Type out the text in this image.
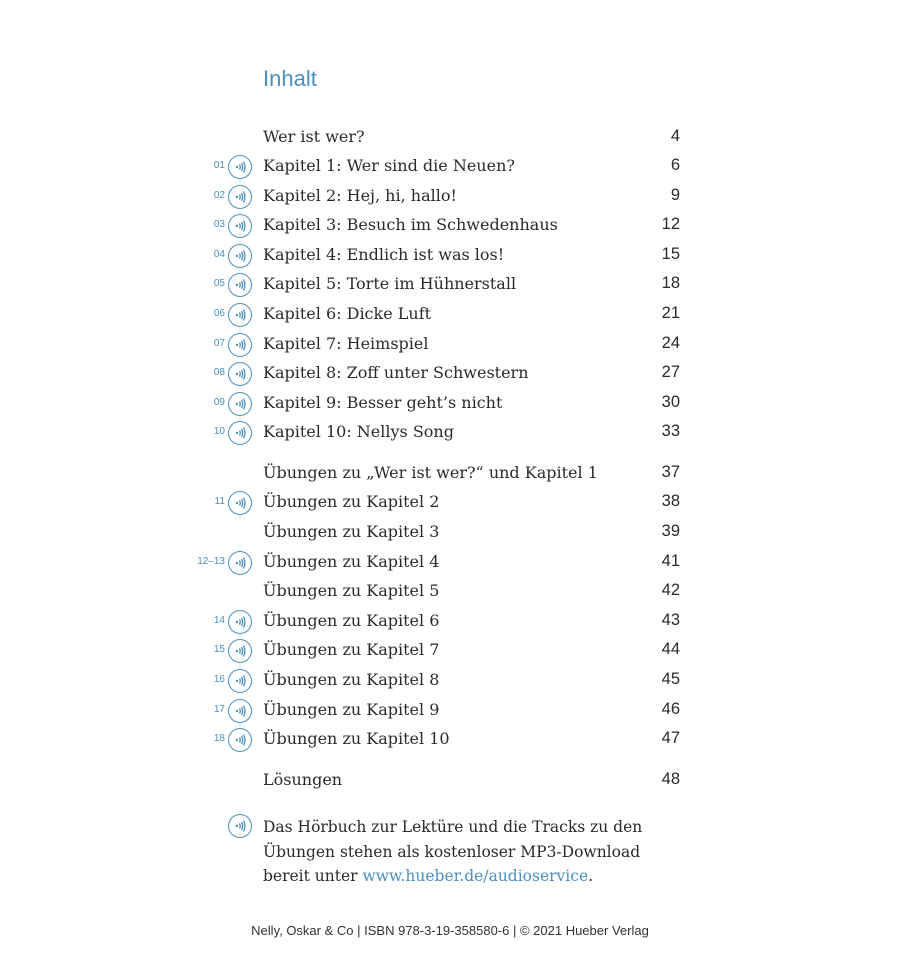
Inhalt
Wer ist wer?	4
01 Kapitel 1: Wer sind die Neuen?	6
02 Kapitel 2: Hej, hi, hallo!	9
03 Kapitel 3: Besuch im Schwedenhaus	12
04 Kapitel 4: Endlich ist was los!	15
05 Kapitel 5: Torte im Hühnerstall	18
06 Kapitel 6: Dicke Luft	21
07 Kapitel 7: Heimspiel	24
08 Kapitel 8: Zoff unter Schwestern	27
09 Kapitel 9: Besser geht’s nicht	30
10 Kapitel 10: Nellys Song	33
Übungen zu „Wer ist wer?“ und Kapitel 1	37
11 Übungen zu Kapitel 2	38
Übungen zu Kapitel 3	39
12–13 Übungen zu Kapitel 4	41
Übungen zu Kapitel 5	42
14 Übungen zu Kapitel 6	43
15 Übungen zu Kapitel 7	44
16 Übungen zu Kapitel 8	45
17 Übungen zu Kapitel 9	46
18 Übungen zu Kapitel 10	47
Lösungen	48
Das Hörbuch zur Lektüre und die Tracks zu den
Übungen stehen als kostenloser MP3-Download
bereit unter www.hueber.de/audioservice.
Nelly, Oskar & Co | ISBN 978-3-19-358580-6 | © 2021 Hueber Verlag
